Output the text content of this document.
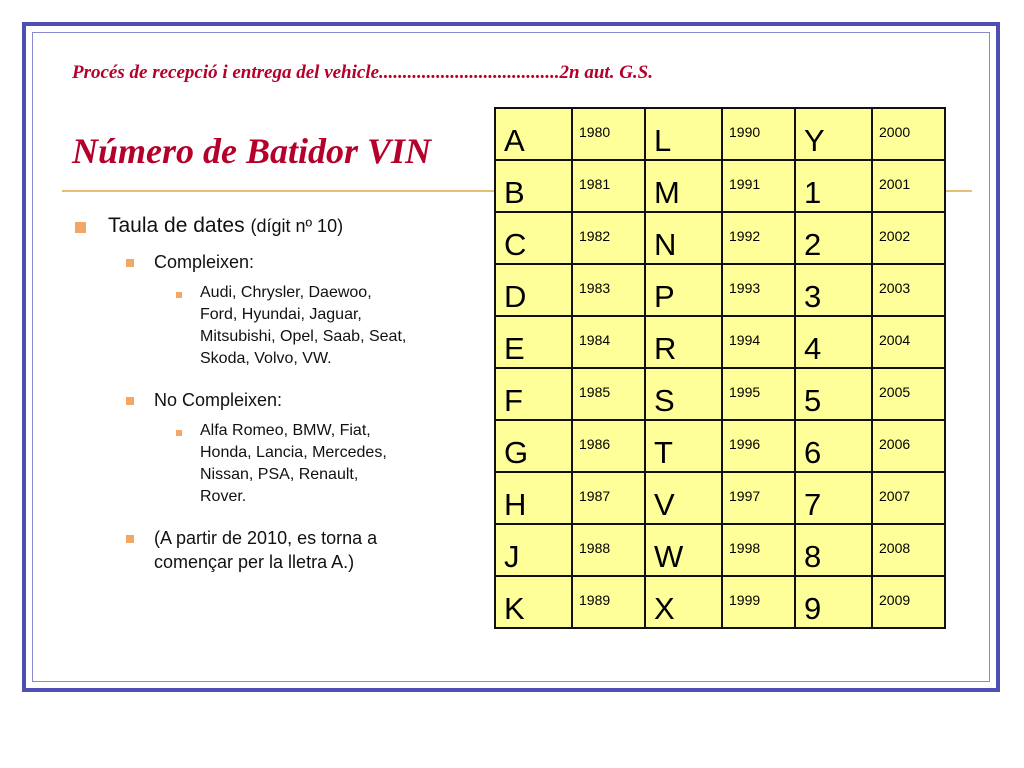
Procés de recepció i entrega del vehicle......................................2n aut. G.S.
Número de Batidor VIN
Taula de dates (dígit nº 10)
Compleixen:
Audi, Chrysler, Daewoo,
Ford, Hyundai, Jaguar,
Mitsubishi, Opel, Saab, Seat,
Skoda, Volvo, VW.
No Compleixen:
Alfa Romeo, BMW, Fiat,
Honda, Lancia, Mercedes,
Nissan, PSA, Renault,
Rover.
(A partir de 2010, es torna a
començar per la lletra A.)
A	1980	L	1990	Y	2000
B	1981	M	1991	1	2001
C	1982	N	1992	2	2002
D	1983	P	1993	3	2003
E	1984	R	1994	4	2004
F	1985	S	1995	5	2005
G	1986	T	1996	6	2006
H	1987	V	1997	7	2007
J	1988	W	1998	8	2008
K	1989	X	1999	9	2009
